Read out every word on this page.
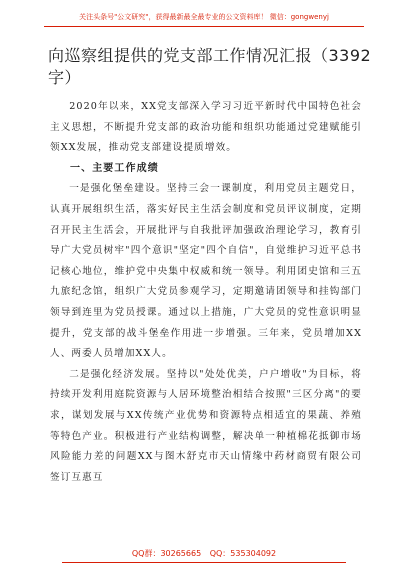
关注头条号"公文研究"，获得最新最全最专业的公文资料库！ 微信：gongwenyj
向巡察组提供的党支部工作情况汇报（3392字）

2020年以来，XX党支部深入学习习近平新时代中国特色社会主义思想，不断提升党支部的政治功能和组织功能通过党建赋能引领XX发展，推动党支部建设提质增效。

一、主要工作成绩

一是强化堡垒建设。坚持三会一课制度，利用党员主题党日，认真开展组织生活，落实好民主生活会制度和党员评议制度，定期召开民主生活会，开展批评与自我批评加强政治理论学习，教育引导广大党员树牢"四个意识"坚定"四个自信"，自觉维护习近平总书记核心地位，维护党中央集中权威和统一领导。利用团史馆和三五九旅纪念馆，组织广大党员参观学习，定期邀请团领导和挂钩部门领导到连里为党员授课。通过以上措施，广大党员的党性意识明显提升，党支部的战斗堡垒作用进一步增强。三年来，党员增加XX人、两委人员增加XX人。

二是强化经济发展。坚持以"处处优美，户户增收"为目标，将持续开发利用庭院资源与人居环境整治相结合按照"三区分离"的要求，谋划发展与XX传统产业优势和资源特点相适宜的果蔬、养殖等特色产业。积极进行产业结构调整，解决单一种植棉花抵御市场风险能力差的问题XX与图木舒克市天山情缘中药材商贸有限公司签订互惠互

QQ群：30265665 QQ：535304092
